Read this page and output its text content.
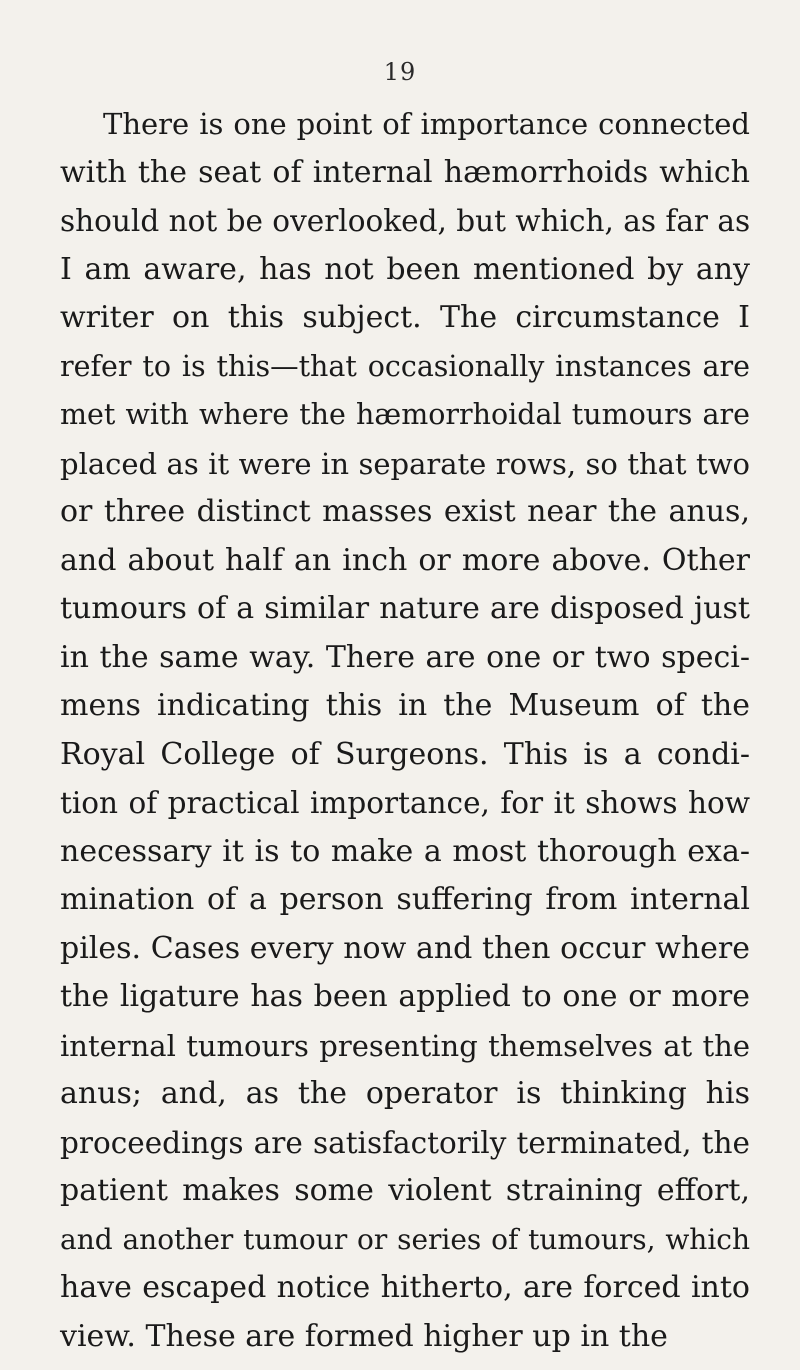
19
There is one point of importance connected
with the seat of internal hæmorrhoids which
should not be overlooked, but which, as far as
I am aware, has not been mentioned by any
writer on this subject. The circumstance I
refer to is this—that occasionally instances are
met with where the hæmorrhoidal tumours are
placed as it were in separate rows, so that two
or three distinct masses exist near the anus,
and about half an inch or more above. Other
tumours of a similar nature are disposed just
in the same way. There are one or two speci-
mens indicating this in the Museum of the
Royal College of Surgeons. This is a condi-
tion of practical importance, for it shows how
necessary it is to make a most thorough exa-
mination of a person suffering from internal
piles. Cases every now and then occur where
the ligature has been applied to one or more
internal tumours presenting themselves at the
anus; and, as the operator is thinking his
proceedings are satisfactorily terminated, the
patient makes some violent straining effort,
and another tumour or series of tumours, which
have escaped notice hitherto, are forced into
view. These are formed higher up in the
